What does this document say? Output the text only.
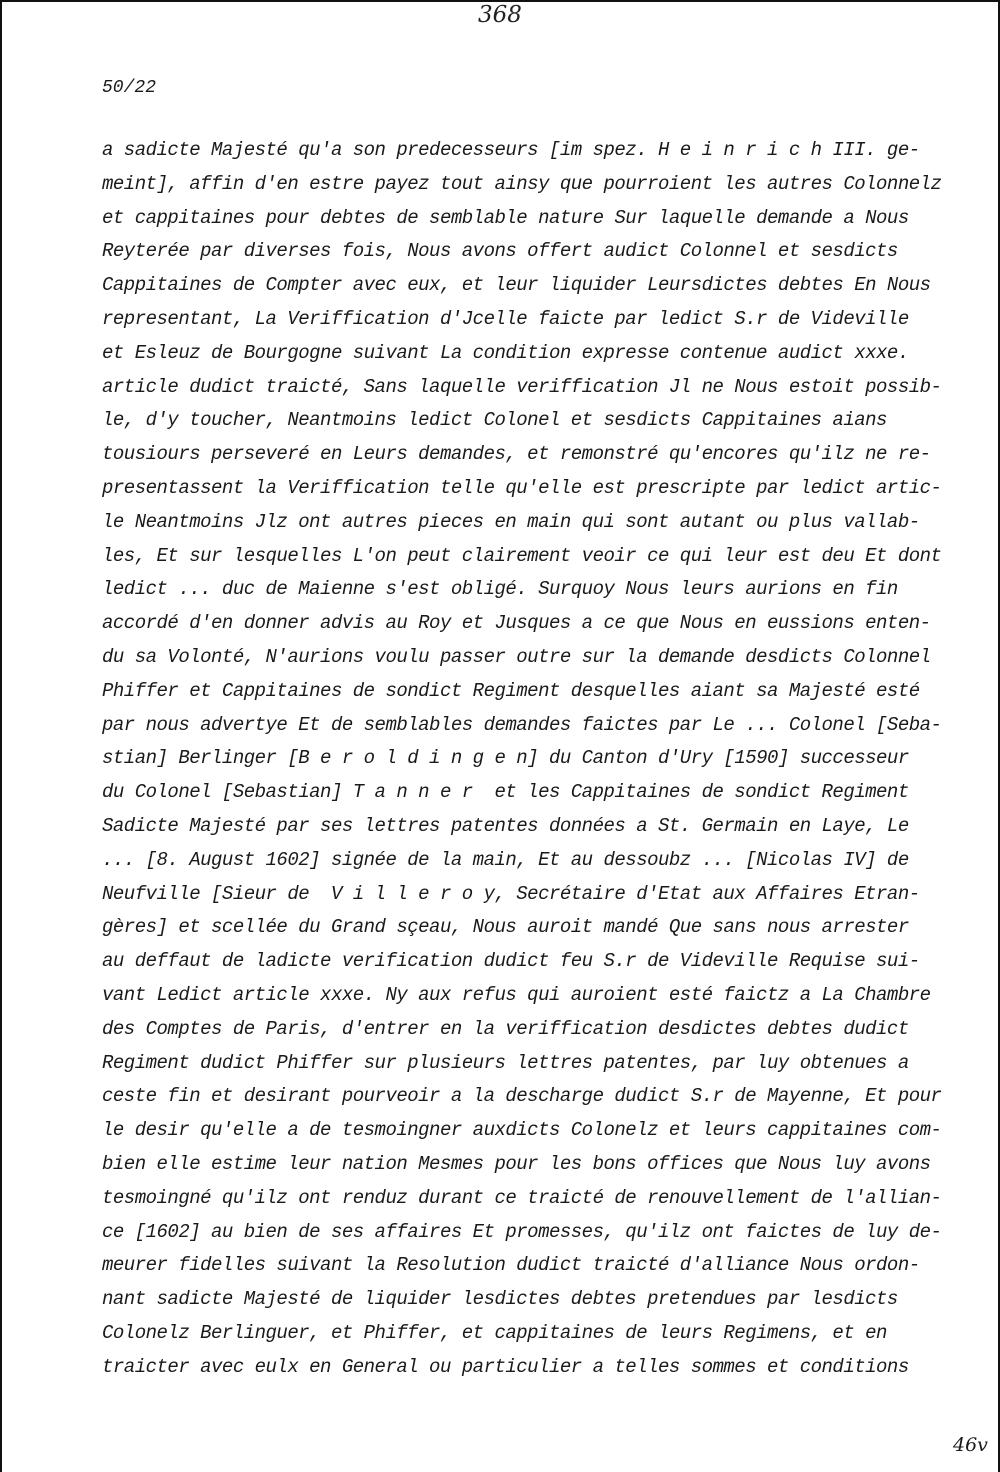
368
50/22
a sadicte Majesté qu'a son predecesseurs [im spez. H e i n r i c h III. ge-
meint], affin d'en estre payez tout ainsy que pourroient les autres Colonnelz
et cappitaines pour debtes de semblable nature Sur laquelle demande a Nous
Reyterée par diverses fois, Nous avons offert audict Colonnel et sesdicts
Cappitaines de Compter avec eux, et leur liquider Leursdictes debtes En Nous
representant, La Veriffication d'Jcelle faicte par ledict S.r de Videville
et Esleuz de Bourgogne suivant La condition expresse contenue audict xxxe.
article dudict traicté, Sans laquelle veriffication Jl ne Nous estoit possib-
le, d'y toucher, Neantmoins ledict Colonel et sesdicts Cappitaines aians
tousiours perseveré en Leurs demandes, et remonstré qu'encores qu'ilz ne re-
presentassent la Veriffication telle qu'elle est prescripte par ledict artic-
le Neantmoins Jlz ont autres pieces en main qui sont autant ou plus vallab-
les, Et sur lesquelles L'on peut clairement veoir ce qui leur est deu Et dont
ledict ... duc de Maienne s'est obligé. Surquoy Nous leurs aurions en fin
accordé d'en donner advis au Roy et Jusques a ce que Nous en eussions enten-
du sa Volonté, N'aurions voulu passer outre sur la demande desdicts Colonnel
Phiffer et Cappitaines de sondict Regiment desquelles aiant sa Majesté esté
par nous advertye Et de semblables demandes faictes par Le ... Colonel [Seba-
stian] Berlinger [B e r o l d i n g e n] du Canton d'Ury [1590] successeur
du Colonel [Sebastian] T a n n e r  et les Cappitaines de sondict Regiment
Sadicte Majesté par ses lettres patentes données a St. Germain en Laye, Le
... [8. August 1602] signée de la main, Et au dessoubz ... [Nicolas IV] de
Neufville [Sieur de  V i l l e r o y, Secrétaire d'Etat aux Affaires Etran-
gères] et scellée du Grand sçeau, Nous auroit mandé Que sans nous arrester
au deffaut de ladicte verification dudict feu S.r de Videville Requise sui-
vant Ledict article xxxe. Ny aux refus qui auroient esté faictz a La Chambre
des Comptes de Paris, d'entrer en la veriffication desdictes debtes dudict
Regiment dudict Phiffer sur plusieurs lettres patentes, par luy obtenues a
ceste fin et desirant pourveoir a la descharge dudict S.r de Mayenne, Et pour
le desir qu'elle a de tesmoingner auxdicts Colonelz et leurs cappitaines com-
bien elle estime leur nation Mesmes pour les bons offices que Nous luy avons
tesmoingné qu'ilz ont renduz durant ce traicté de renouvellement de l'allian-
ce [1602] au bien de ses affaires Et promesses, qu'ilz ont faictes de luy de-
meurer fidelles suivant la Resolution dudict traicté d'alliance Nous ordon-
nant sadicte Majesté de liquider lesdictes debtes pretendues par lesdicts
Colonelz Berlinguer, et Phiffer, et cappitaines de leurs Regimens, et en
traicter avec eulx en General ou particulier a telles sommes et conditions
46v
